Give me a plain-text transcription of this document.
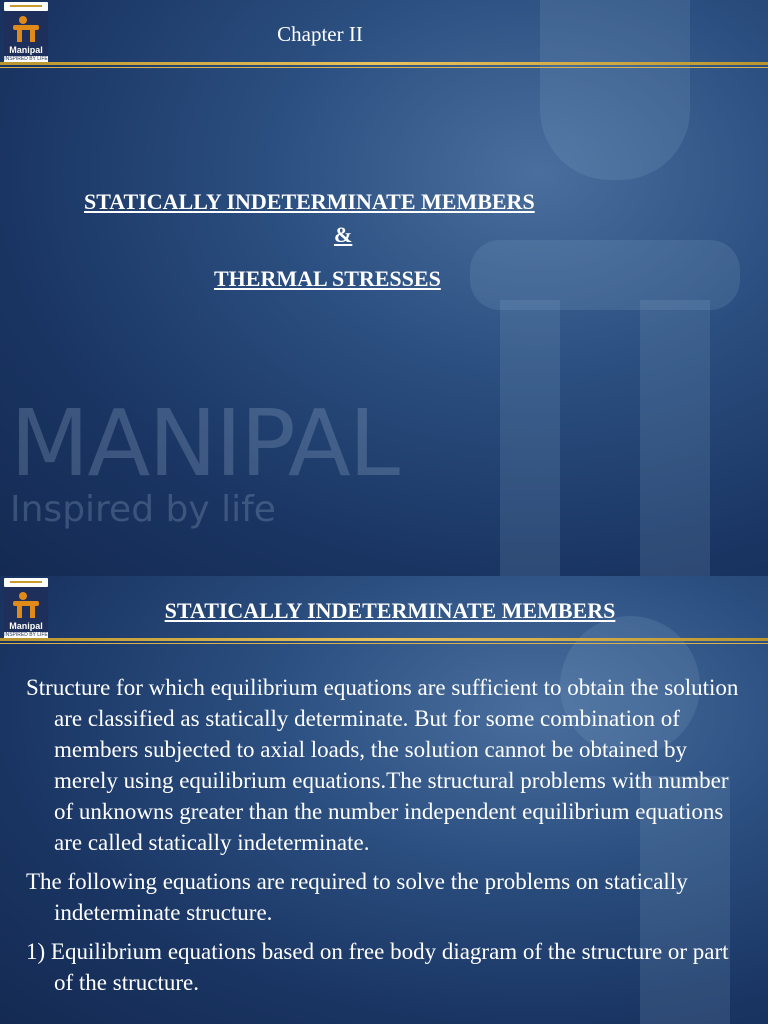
Manipal
INSPIRED BY LIFE
Chapter II
STATICALLY INDETERMINATE MEMBERS
&
THERMAL STRESSES
MANIPAL
Inspired by life
Manipal
INSPIRED BY LIFE
STATICALLY INDETERMINATE MEMBERS

Structure for which equilibrium equations are sufficient to obtain the solution are classified as statically determinate. But for some combination of members subjected to axial loads, the solution cannot be obtained by merely using equilibrium equations.The structural problems with number of unknowns greater than the number independent equilibrium equations are called statically indeterminate.

The following equations are required to solve the problems on statically indeterminate structure.

1) Equilibrium equations based on free body diagram of the structure or part of the structure.
